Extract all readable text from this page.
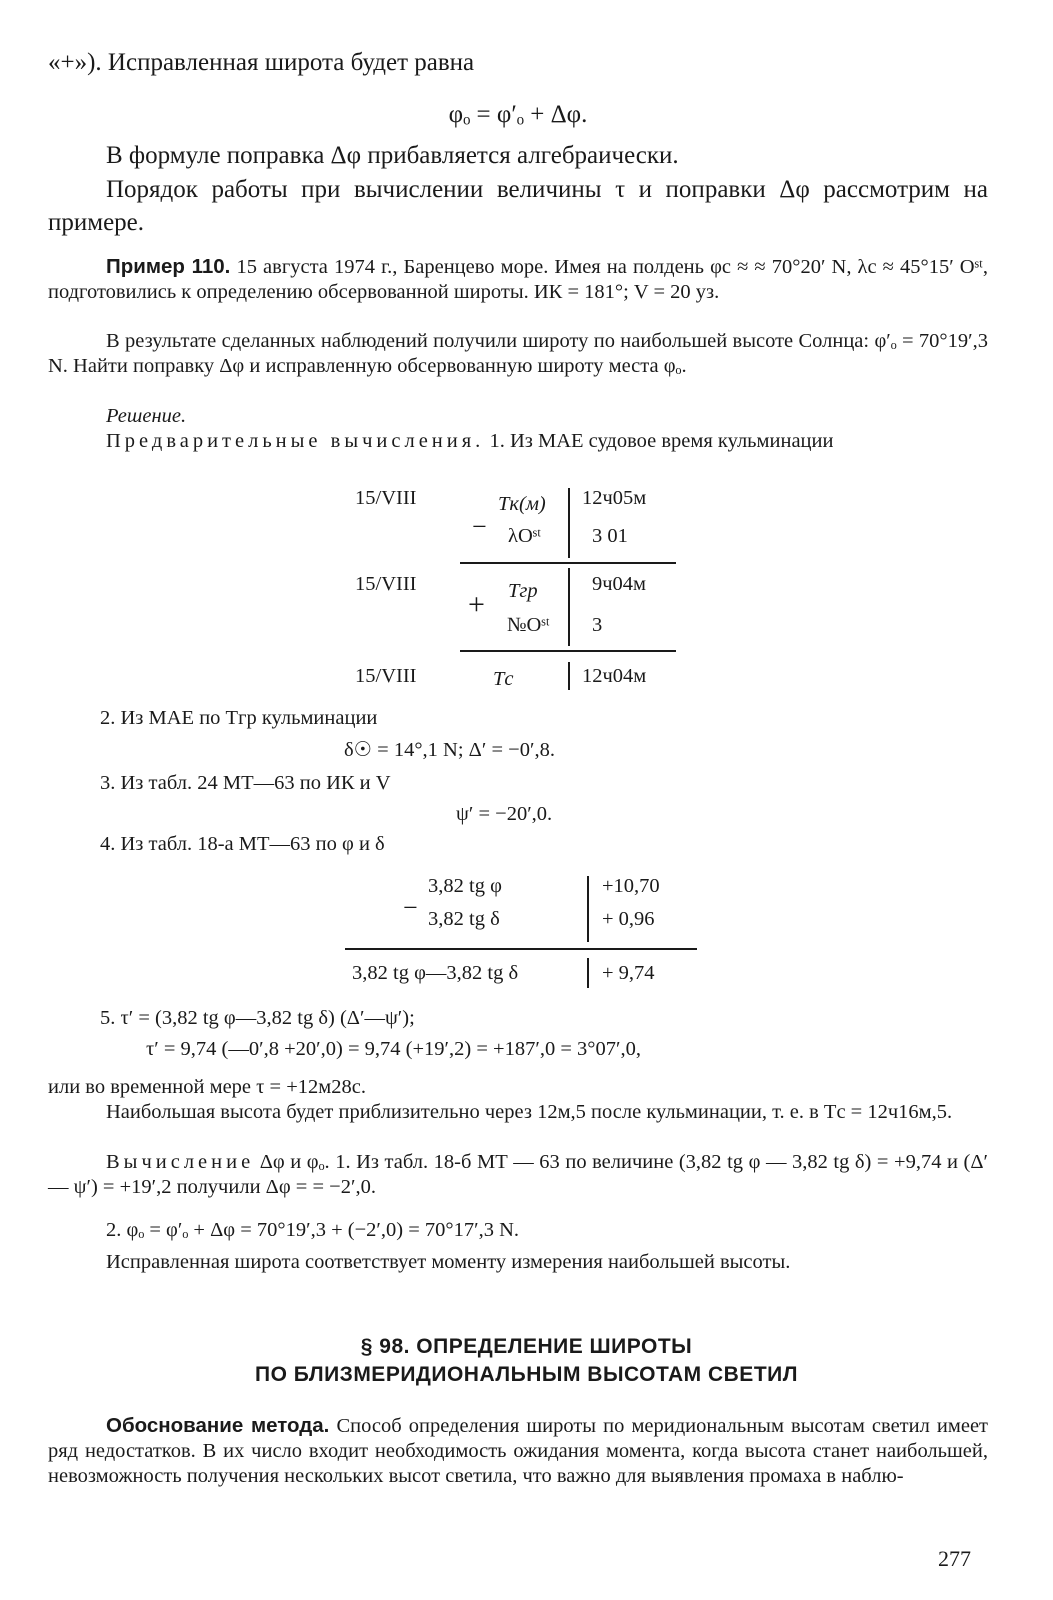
«+»). Исправленная широта будет равна
φₒ = φ′ₒ + Δφ.
В формуле поправка Δφ прибавляется алгебраически.
Порядок работы при вычислении величины τ и поправки Δφ рассмотрим на примере.
Пример 110. 15 августа 1974 г., Баренцево море. Имея на полдень φс ≈ ≈ 70°20′ N, λс ≈ 45°15′ Oˢᵗ, подготовились к определению обсервованной широты. ИК = 181°; V = 20 уз.
В результате сделанных наблюдений получили широту по наибольшей высоте Солнца: φ′ₒ = 70°19′,3 N. Найти поправку Δφ и исправленную обсервованную широту места φₒ.
Решение.
Предварительные вычисления. 1. Из МАЕ судовое время кульминации
15/VIII	Tк(м) 12ч05м
− λOˢᵗ 3 01
15/VIII	Tгр	9ч04м
+
№Oˢᵗ 3
15/VIII	Tс	12ч04м
2. Из МАЕ по Tгр кульминации
δ☉ = 14°,1 N; Δ′ = −0′,8.
3. Из табл. 24 МТ—63 по ИК и V
ψ′ = −20′,0.
4. Из табл. 18-а МТ—63 по φ и δ
3,82 tg φ	+10,70
− 3,82 tg δ	+ 0,96
3,82 tg φ—3,82 tg δ	+ 9,74
5. τ′ = (3,82 tg φ—3,82 tg δ) (Δ′—ψ′);
τ′ = 9,74 (—0′,8 +20′,0) = 9,74 (+19′,2) = +187′,0 = 3°07′,0,
или во временной мере τ = +12м28с.
Наибольшая высота будет приблизительно через 12м,5 после кульминации, т. е. в Tс = 12ч16м,5.
Вычисление Δφ и φₒ. 1. Из табл. 18-б МТ — 63 по величине (3,82 tg φ — 3,82 tg δ) = +9,74 и (Δ′ — ψ′) = +19′,2 получили Δφ = = −2′,0.
2. φₒ = φ′ₒ + Δφ = 70°19′,3 + (−2′,0) = 70°17′,3 N.
Исправленная широта соответствует моменту измерения наибольшей высоты.
§ 98. ОПРЕДЕЛЕНИЕ ШИРОТЫ
ПО БЛИЗМЕРИДИОНАЛЬНЫМ ВЫСОТАМ СВЕТИЛ
Обоснование метода. Способ определения широты по меридиональным высотам светил имеет ряд недостатков. В их число входит необходимость ожидания момента, когда высота станет наибольшей, невозможность получения нескольких высот светила, что важно для выявления промаха в наблю-
277
